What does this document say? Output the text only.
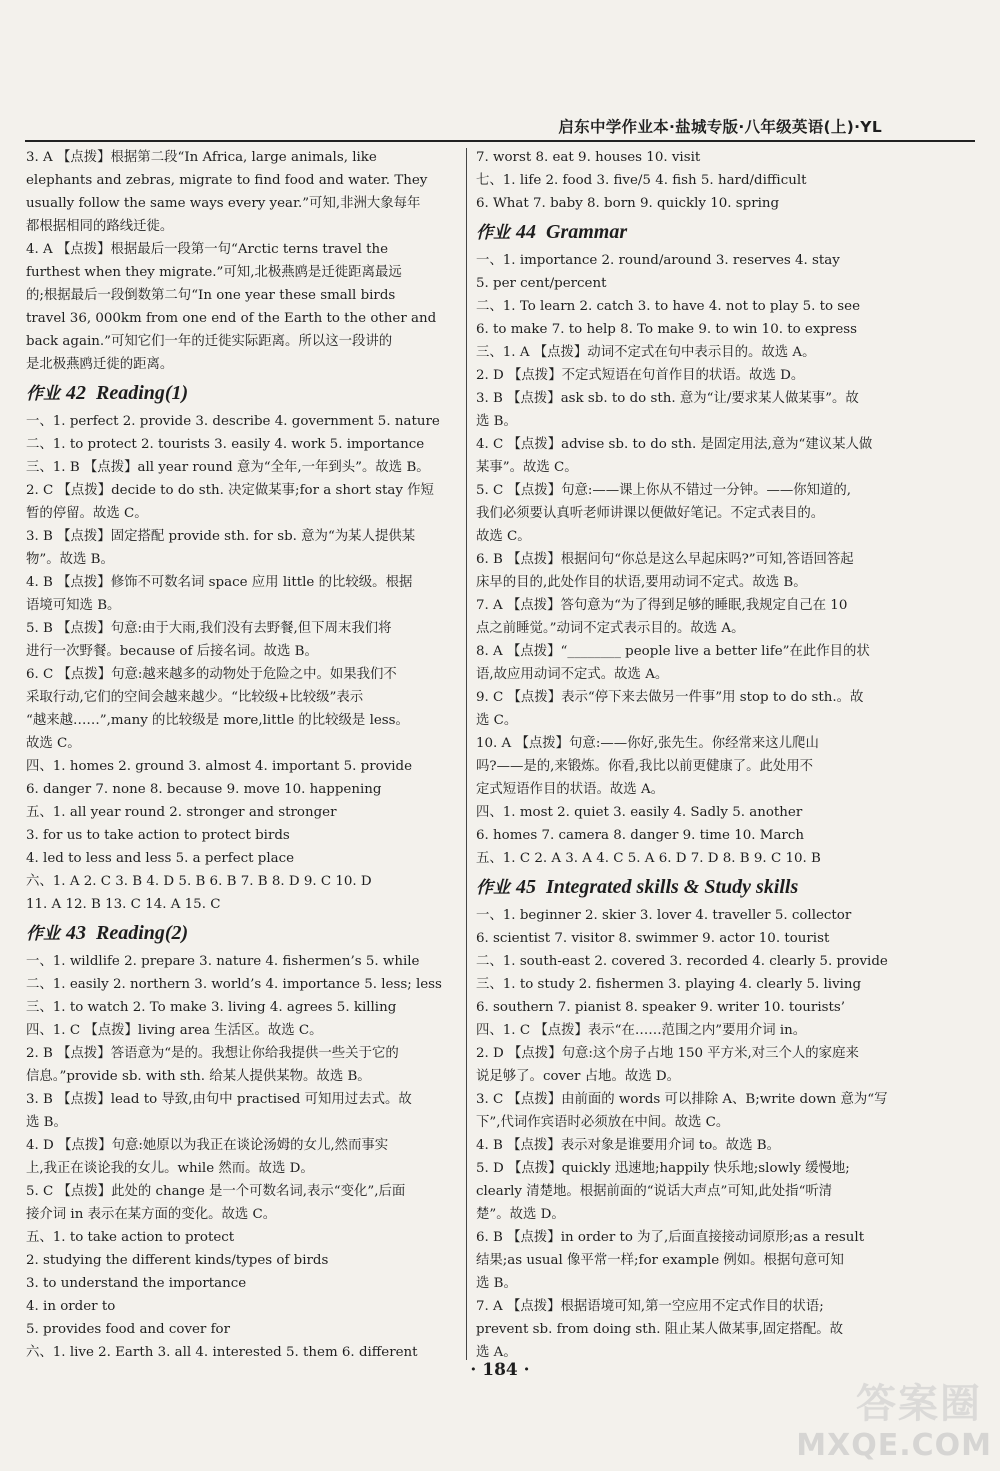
启东中学作业本·盐城专版·八年级英语(上)·YL
3. A 【点拨】根据第二段“In Africa, large animals, like
elephants and zebras, migrate to find food and water. They
usually follow the same ways every year.”可知,非洲大象每年
都根据相同的路线迁徙。
4. A 【点拨】根据最后一段第一句“Arctic terns travel the
furthest when they migrate.”可知,北极燕鸥是迁徙距离最远
的;根据最后一段倒数第二句“In one year these small birds
travel 36, 000km from one end of the Earth to the other and
back again.”可知它们一年的迁徙实际距离。所以这一段讲的
是北极燕鸥迁徙的距离。
作业 42 Reading(1)
一、1. perfect 2. provide 3. describe 4. government 5. nature
二、1. to protect 2. tourists 3. easily 4. work 5. importance
三、1. B 【点拨】all year round 意为“全年,一年到头”。故选 B。
2. C 【点拨】decide to do sth. 决定做某事;for a short stay 作短
暂的停留。故选 C。
3. B 【点拨】固定搭配 provide sth. for sb. 意为“为某人提供某
物”。故选 B。
4. B 【点拨】修饰不可数名词 space 应用 little 的比较级。根据
语境可知选 B。
5. B 【点拨】句意:由于大雨,我们没有去野餐,但下周末我们将
进行一次野餐。because of 后接名词。故选 B。
6. C 【点拨】句意:越来越多的动物处于危险之中。如果我们不
采取行动,它们的空间会越来越少。“比较级+比较级”表示
“越来越……”,many 的比较级是 more,little 的比较级是 less。
故选 C。
四、1. homes 2. ground 3. almost 4. important 5. provide
6. danger 7. none 8. because 9. move 10. happening
五、1. all year round 2. stronger and stronger
3. for us to take action to protect birds
4. led to less and less 5. a perfect place
六、1. A 2. C 3. B 4. D 5. B 6. B 7. B 8. D 9. C 10. D
11. A 12. B 13. C 14. A 15. C
作业 43 Reading(2)
一、1. wildlife 2. prepare 3. nature 4. fishermen’s 5. while
二、1. easily 2. northern 3. world’s 4. importance 5. less; less
三、1. to watch 2. To make 3. living 4. agrees 5. killing
四、1. C 【点拨】living area 生活区。故选 C。
2. B 【点拨】答语意为“是的。我想让你给我提供一些关于它的
信息。”provide sb. with sth. 给某人提供某物。故选 B。
3. B 【点拨】lead to 导致,由句中 practised 可知用过去式。故
选 B。
4. D 【点拨】句意:她原以为我正在谈论汤姆的女儿,然而事实
上,我正在谈论我的女儿。while 然而。故选 D。
5. C 【点拨】此处的 change 是一个可数名词,表示“变化”,后面
接介词 in 表示在某方面的变化。故选 C。
五、1. to take action to protect
2. studying the different kinds/types of birds
3. to understand the importance
4. in order to
5. provides food and cover for
六、1. live 2. Earth 3. all 4. interested 5. them 6. different
7. worst 8. eat 9. houses 10. visit
七、1. life 2. food 3. five/5 4. fish 5. hard/difficult
6. What 7. baby 8. born 9. quickly 10. spring
作业 44 Grammar
一、1. importance 2. round/around 3. reserves 4. stay
5. per cent/percent
二、1. To learn 2. catch 3. to have 4. not to play 5. to see
6. to make 7. to help 8. To make 9. to win 10. to express
三、1. A 【点拨】动词不定式在句中表示目的。故选 A。
2. D 【点拨】不定式短语在句首作目的状语。故选 D。
3. B 【点拨】ask sb. to do sth. 意为“让/要求某人做某事”。故
选 B。
4. C 【点拨】advise sb. to do sth. 是固定用法,意为“建议某人做
某事”。故选 C。
5. C 【点拨】句意:——课上你从不错过一分钟。——你知道的,
我们必须要认真听老师讲课以便做好笔记。不定式表目的。
故选 C。
6. B 【点拨】根据问句“你总是这么早起床吗?”可知,答语回答起
床早的目的,此处作目的状语,要用动词不定式。故选 B。
7. A 【点拨】答句意为“为了得到足够的睡眠,我规定自己在 10
点之前睡觉。”动词不定式表示目的。故选 A。
8. A 【点拨】“________ people live a better life”在此作目的状
语,故应用动词不定式。故选 A。
9. C 【点拨】表示“停下来去做另一件事”用 stop to do sth.。故
选 C。
10. A 【点拨】句意:——你好,张先生。你经常来这儿爬山
吗?——是的,来锻炼。你看,我比以前更健康了。此处用不
定式短语作目的状语。故选 A。
四、1. most 2. quiet 3. easily 4. Sadly 5. another
6. homes 7. camera 8. danger 9. time 10. March
五、1. C 2. A 3. A 4. C 5. A 6. D 7. D 8. B 9. C 10. B
作业 45 Integrated skills & Study skills
一、1. beginner 2. skier 3. lover 4. traveller 5. collector
6. scientist 7. visitor 8. swimmer 9. actor 10. tourist
二、1. south-east 2. covered 3. recorded 4. clearly 5. provide
三、1. to study 2. fishermen 3. playing 4. clearly 5. living
6. southern 7. pianist 8. speaker 9. writer 10. tourists’
四、1. C 【点拨】表示“在……范围之内”要用介词 in。
2. D 【点拨】句意:这个房子占地 150 平方米,对三个人的家庭来
说足够了。cover 占地。故选 D。
3. C 【点拨】由前面的 words 可以排除 A、B;write down 意为“写
下”,代词作宾语时必须放在中间。故选 C。
4. B 【点拨】表示对象是谁要用介词 to。故选 B。
5. D 【点拨】quickly 迅速地;happily 快乐地;slowly 缓慢地;
clearly 清楚地。根据前面的“说话大声点”可知,此处指“听清
楚”。故选 D。
6. B 【点拨】in order to 为了,后面直接接动词原形;as a result
结果;as usual 像平常一样;for example 例如。根据句意可知
选 B。
7. A 【点拨】根据语境可知,第一空应用不定式作目的状语;
prevent sb. from doing sth. 阻止某人做某事,固定搭配。故
选 A。
· 184 ·
答案圈
MXQE.COM
